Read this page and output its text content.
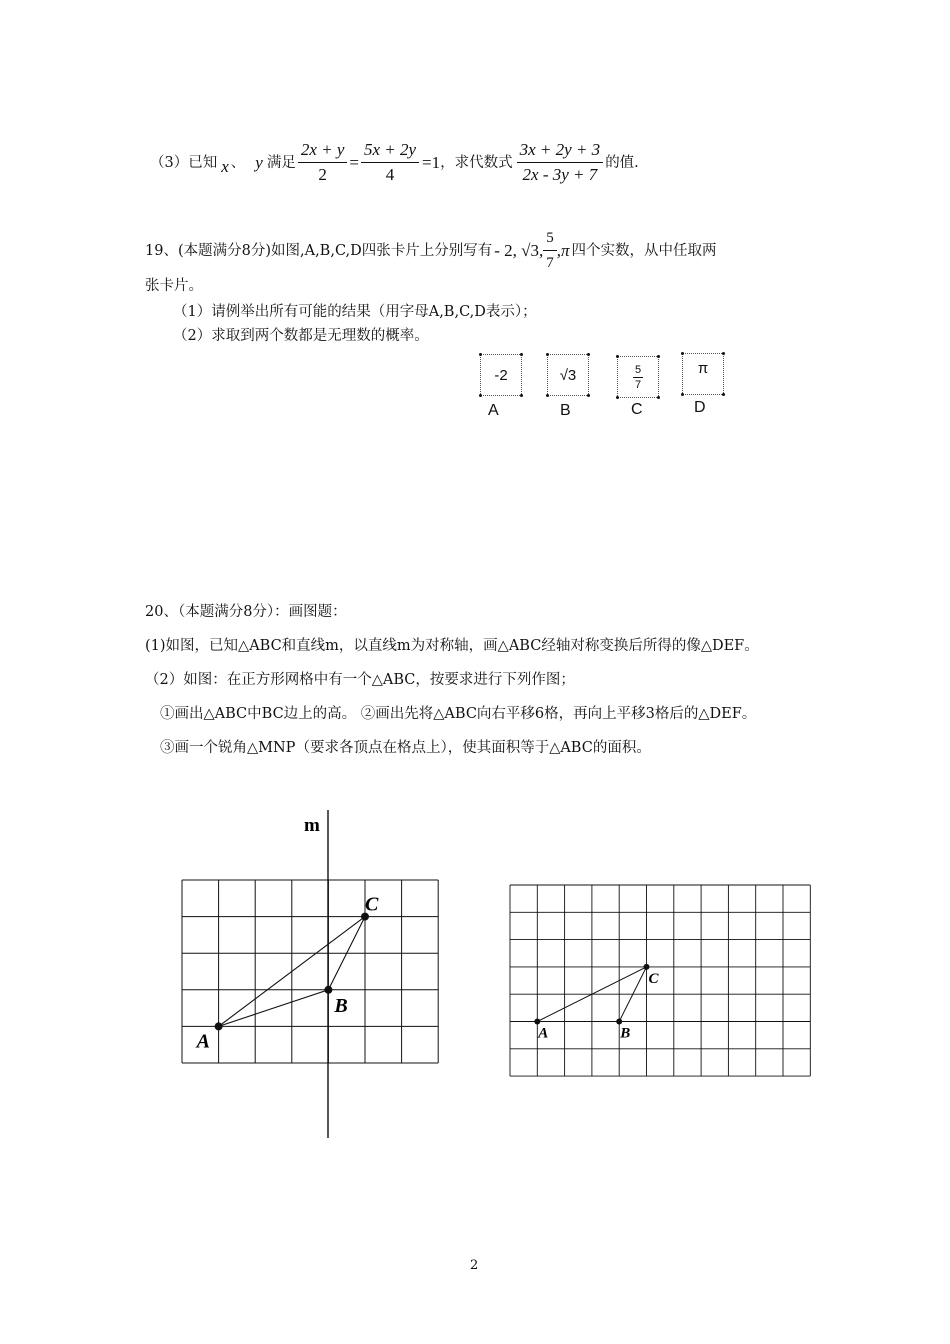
（3）已知 x 、 y 满足 $\frac{2x + y}{2} = \frac{5x + 2y}{4} =1$ ，求代数式 $\frac{3x + 2y + 3}{2x - 3y + 7}$ 的值.
19、(本题满分8分)如图,A,B,C,D四张卡片上分别写有 - 2, √3, $\frac{5}{7} ,\pi$ 四个实数，从中任取两
张卡片。
（1）请例举出所有可能的结果（用字母A,B,C,D表示）；
（2）求取到两个数都是无理数的概率。
-2
A
√3
B
$\frac{5}{7}$
C
π
D
20、（本题满分8分）：画图题：
(1)如图，已知△ABC和直线m，以直线m为对称轴，画△ABC经轴对称变换后所得的像△DEF。
（2）如图：在正方形网格中有一个△ABC，按要求进行下列作图；
①画出△ABC中BC边上的高。 ②画出先将△ABC向右平移6格，再向上平移3格后的△DEF。
③画一个锐角△MNP（要求各顶点在格点上），使其面积等于△ABC的面积。
m
A
B
C
A	B
C
2
